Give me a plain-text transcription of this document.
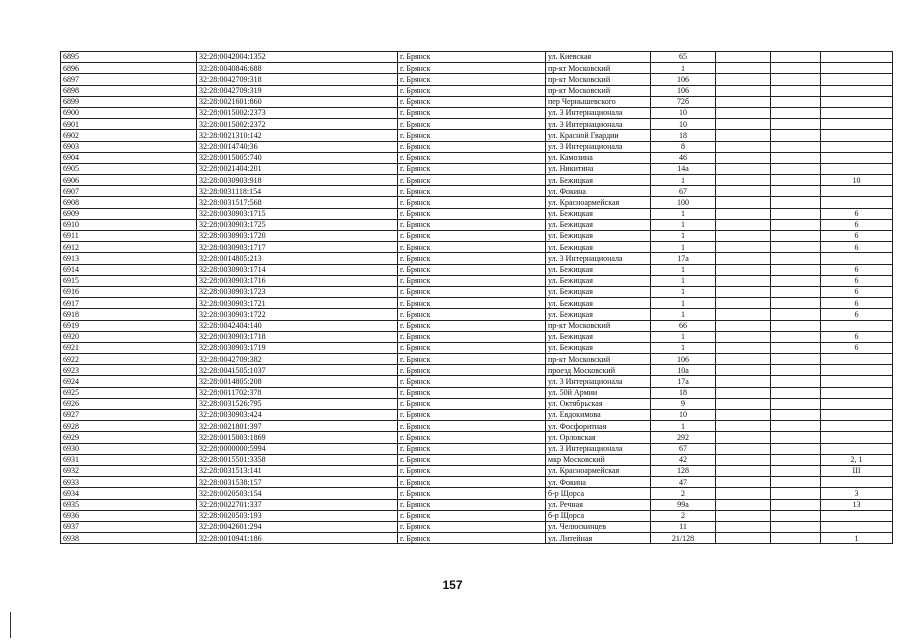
6895	32:28:0042004:1352	г. Брянск	ул. Киевская	65			
6896	32:28:0040846:688	г. Брянск	пр-кт Московский	1			
6897	32:28:0042709:318	г. Брянск	пр-кт Московский	106			
6898	32:28:0042709:319	г. Брянск	пр-кт Московский	106			
6899	32:28:0021601:860	г. Брянск	пер Чернышевского	72б			
6900	32:28:0015002:2373	г. Брянск	ул. 3 Интернационала	10			
6901	32:28:0015002:2372	г. Брянск	ул. 3 Интернационала	10			
6902	32:28:0021310:142	г. Брянск	ул. Красной Гвардии	18			
6903	32:28:0014740:36	г. Брянск	ул. 3 Интернационала	8			
6904	32:28:0015005:740	г. Брянск	ул. Камозина	46			
6905	32:28:0021404:201	г. Брянск	ул. Никитина	14а			
6906	32:28:0030903:918	г. Брянск	ул. Бежицкая	1			10
6907	32:28:0031118:154	г. Брянск	ул. Фокина	67			
6908	32:28:0031517:568	г. Брянск	ул. Красноармейская	100			
6909	32:28:0030903:1715	г. Брянск	ул. Бежицкая	1			6
6910	32:28:0030903:1725	г. Брянск	ул. Бежицкая	1			6
6911	32:28:0030903:1720	г. Брянск	ул. Бежицкая	1			6
6912	32:28:0030903:1717	г. Брянск	ул. Бежицкая	1			6
6913	32:28:0014805:213	г. Брянск	ул. 3 Интернационала	17а			
6914	32:28:0030903:1714	г. Брянск	ул. Бежицкая	1			6
6915	32:28:0030903:1716	г. Брянск	ул. Бежицкая	1			6
6916	32:28:0030903:1723	г. Брянск	ул. Бежицкая	1			6
6917	32:28:0030903:1721	г. Брянск	ул. Бежицкая	1			6
6918	32:28:0030903:1722	г. Брянск	ул. Бежицкая	1			6
6919	32:28:0042404:140	г. Брянск	пр-кт Московский	66			
6920	32:28:0030903:1718	г. Брянск	ул. Бежицкая	1			6
6921	32:28:0030903:1719	г. Брянск	ул. Бежицкая	1			6
6922	32:28:0042709:382	г. Брянск	пр-кт Московский	106			
6923	32:28:0041505:1037	г. Брянск	проезд Московский	10а			
6924	32:28:0014805:208	г. Брянск	ул. 3 Интернационала	17а			
6925	32:28:0011702:378	г. Брянск	ул. 50й Армии	18			
6926	32:28:0031526:795	г. Брянск	ул. Октябрьская	9			
6927	32:28:0030903:424	г. Брянск	ул. Евдокимова	10			
6928	32:28:0021801:397	г. Брянск	ул. Фосфоритная	1			
6929	32:28:0015003:1869	г. Брянск	ул. Орловская	292			
6930	32:28:0000000:5994	г. Брянск	ул. 3 Интернационала	67			
6931	32:28:0015501:3358	г. Брянск	мкр Московский	42			2, 1
6932	32:28:0031513:141	г. Брянск	ул. Красноармейская	128			III
6933	32:28:0031538:157	г. Брянск	ул. Фокина	47			
6934	32:28:0020503:154	г. Брянск	б-р Щорса	2			3
6935	32:28:0022701:337	г. Брянск	ул. Речная	99а			13
6936	32:28:0020503:193	г. Брянск	б-р Щорса	2			
6937	32:28:0042601:294	г. Брянск	ул. Челюскинцев	11			
6938	32:28:0010941:186	г. Брянск	ул. Литейная	21/128			1
157
